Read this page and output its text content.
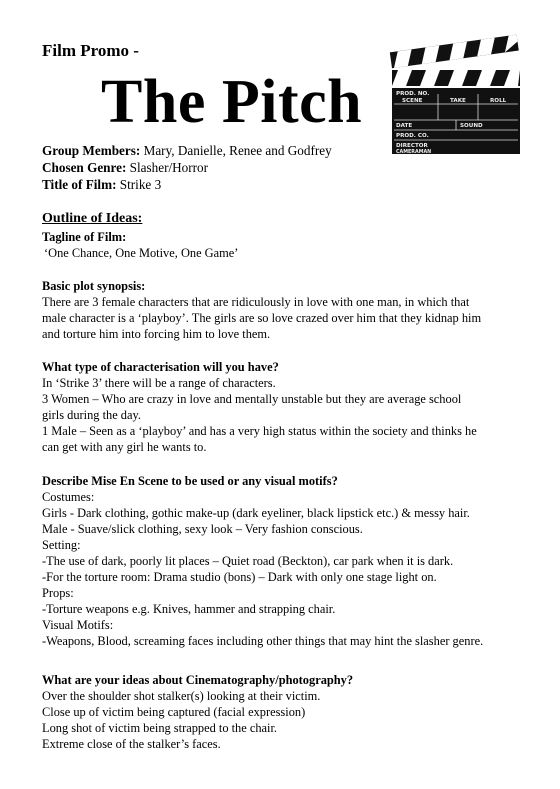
Film Promo -
The Pitch	PROD. NO.
SCENE	TAKE	ROLL
DATE	SOUND
PROD. CO.
DIRECTOR
CAMERAMAN
Group Members: Mary, Danielle, Renee and Godfrey
Chosen Genre: Slasher/Horror
Title of Film: Strike 3
Outline of Ideas:
Tagline of Film:
‘One Chance, One Motive, One Game’
Basic plot synopsis:
There are 3 female characters that are ridiculously in love with one man, in which that
male character is a ‘playboy’. The girls are so love crazed over him that they kidnap him
and torture him into forcing him to love them.
What type of characterisation will you have?
In ‘Strike 3’ there will be a range of characters.
3 Women – Who are crazy in love and mentally unstable but they are average school
girls during the day.
1 Male – Seen as a ‘playboy’ and has a very high status within the society and thinks he
can get with any girl he wants to.
Describe Mise En Scene to be used or any visual motifs?
Costumes:
Girls - Dark clothing, gothic make-up (dark eyeliner, black lipstick etc.) & messy hair.
Male - Suave/slick clothing, sexy look – Very fashion conscious.
Setting:
-The use of dark, poorly lit places – Quiet road (Beckton), car park when it is dark.
-For the torture room: Drama studio (bons) – Dark with only one stage light on.
Props:
-Torture weapons e.g. Knives, hammer and strapping chair.
Visual Motifs:
-Weapons, Blood, screaming faces including other things that may hint the slasher genre.
What are your ideas about Cinematography/photography?
Over the shoulder shot stalker(s) looking at their victim.
Close up of victim being captured (facial expression)
Long shot of victim being strapped to the chair.
Extreme close of the stalker’s faces.
